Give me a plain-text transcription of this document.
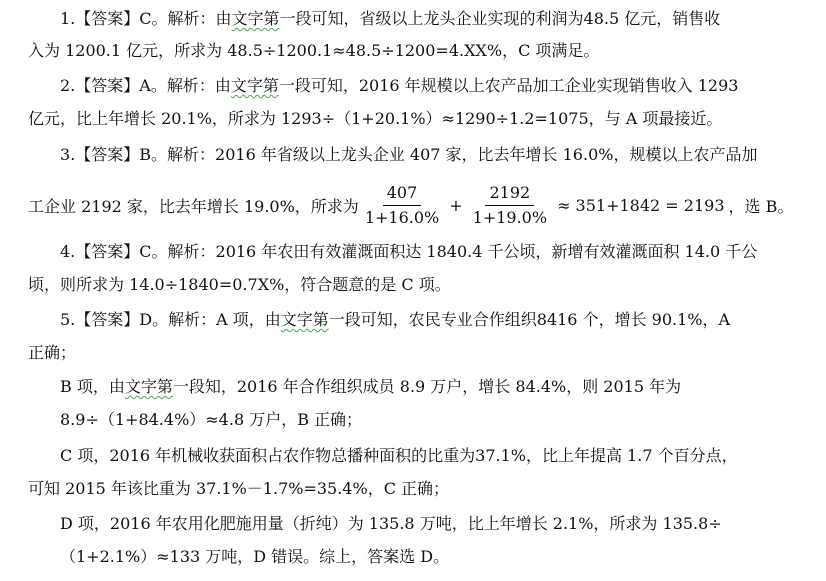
1.【答案】C。解析：由文字第一段可知，省级以上龙头企业实现的利润为48.5 亿元，销售收
入为 1200.1 亿元，所求为 48.5÷1200.1≈48.5÷1200=4.XX%，C 项满足。
2.【答案】A。解析：由文字第一段可知，2016 年规模以上农产品加工企业实现销售收入 1293
亿元，比上年增长 20.1%，所求为 1293÷（1+20.1%）≈1290÷1.2=1075，与 A 项最接近。
3.【答案】B。解析：2016 年省级以上龙头企业 407 家，比去年增长 16.0%，规模以上农产品加
工企业 2192 家，比去年增长 19.0%，所求为 $\frac{407}{1+16.0\%} + \frac{2192}{1+19.0\%} \approx 351+1842 = 2193$ ，选 B。
4.【答案】C。解析：2016 年农田有效灌溉面积达 1840.4 千公顷，新增有效灌溉面积 14.0 千公
顷，则所求为 14.0÷1840=0.7X%，符合题意的是 C 项。
5.【答案】D。解析：A 项，由文字第一段可知，农民专业合作组织8416 个，增长 90.1%，A
正确；
B 项，由文字第一段知，2016 年合作组织成员 8.9 万户，增长 84.4%，则 2015 年为
8.9÷（1+84.4%）≈4.8 万户，B 正确；
C 项，2016 年机械收获面积占农作物总播种面积的比重为37.1%，比上年提高 1.7 个百分点，
可知 2015 年该比重为 37.1%－1.7%=35.4%，C 正确；
D 项，2016 年农用化肥施用量（折纯）为 135.8 万吨，比上年增长 2.1%，所求为 135.8÷
（1+2.1%）≈133 万吨，D 错误。综上，答案选 D。
